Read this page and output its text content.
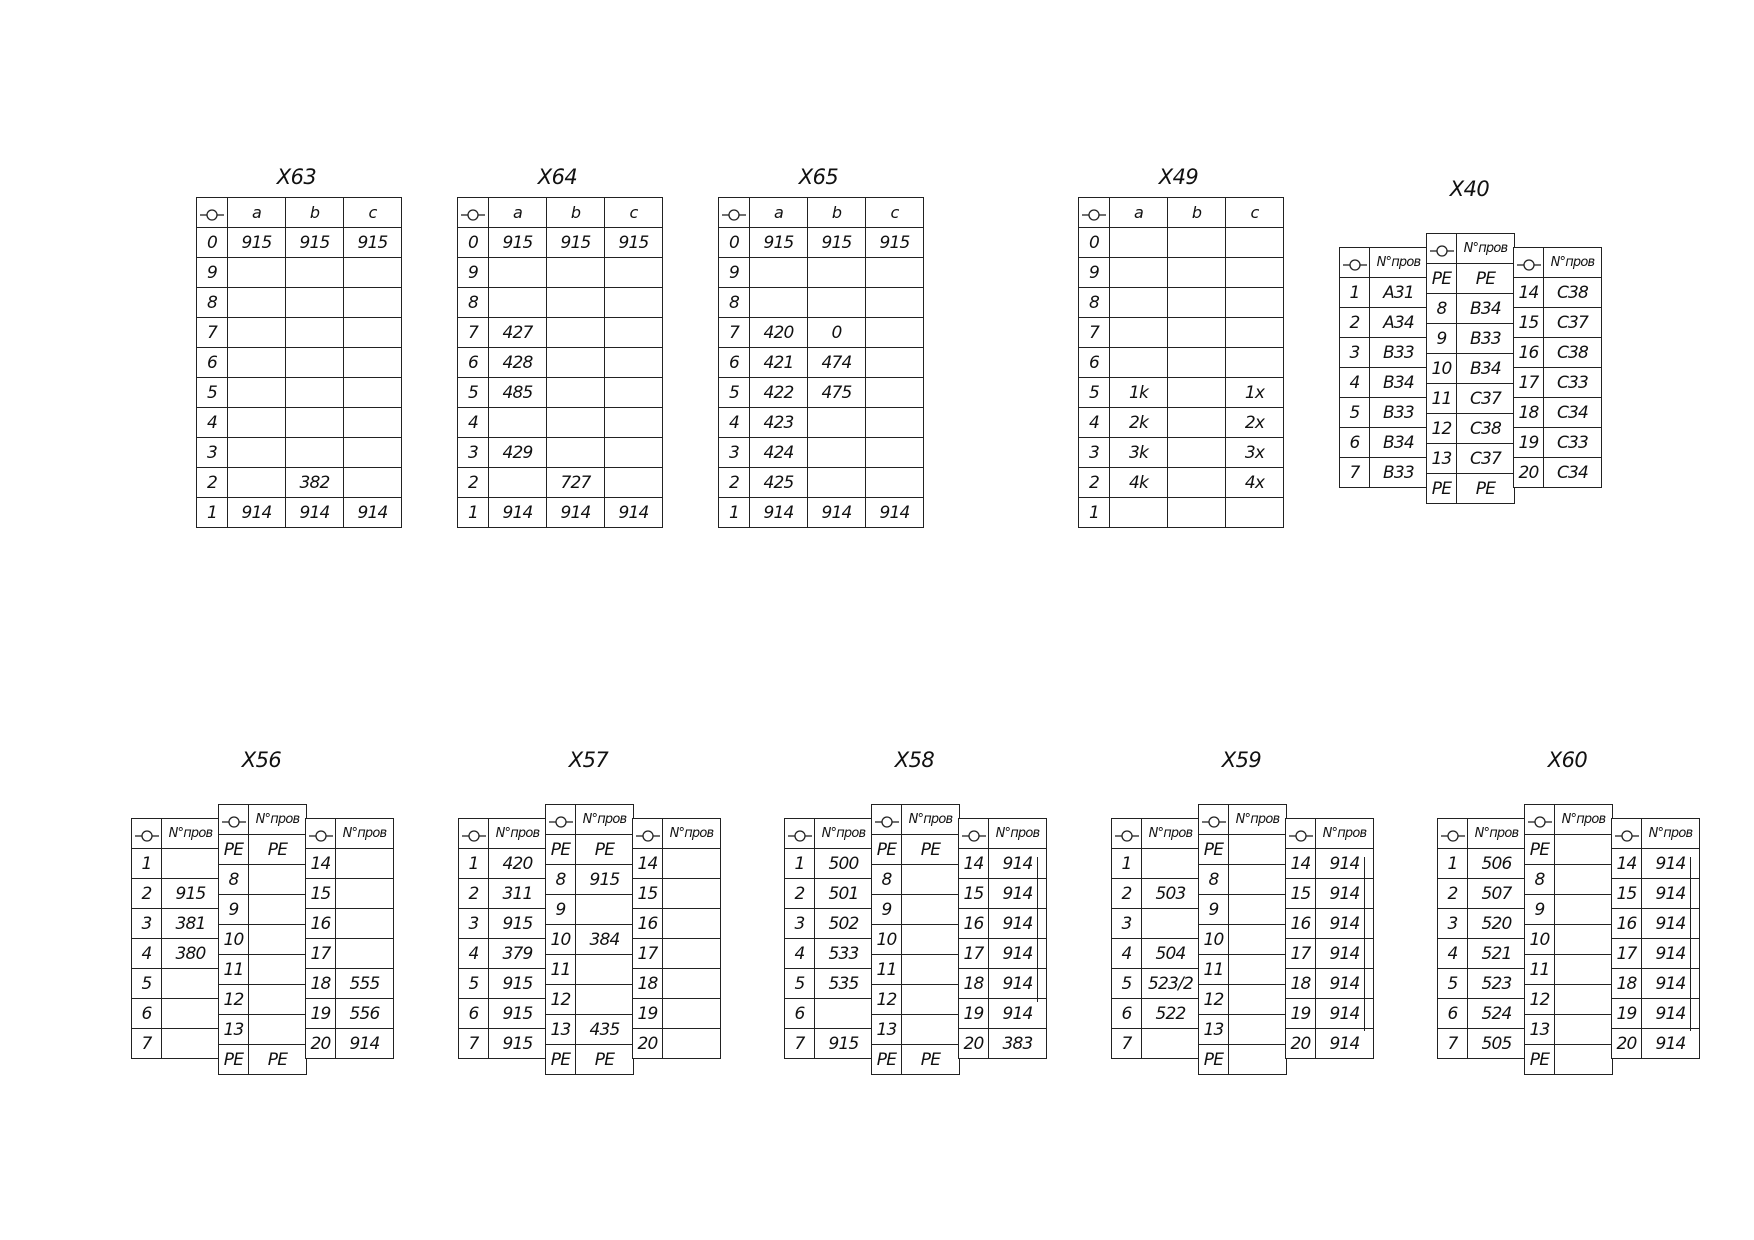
X63
	a	b	c
0	915	915	915
9			
8			
7			
6			
5			
4			
3			
2		382	
1	914	914	914
X64
	a	b	c
0	915	915	915
9			
8			
7	427		
6	428		
5	485		
4			
3	429		
2		727	
1	914	914	914
X65
	a	b	c
0	915	915	915
9			
8			
7	420	0	
6	421	474	
5	422	475	
4	423		
3	424		
2	425		
1	914	914	914
X49
	a	b	c
0			
9			
8			
7			
6			
5	1k		1x
4	2k		2x
3	3k		3x
2	4k		4x
1			
X40
	N°пров
1	A31
2	A34
3	B33
4	B34
5	B33
6	B34
7	B33
	N°пров
PE	PE
8	B34
9	B33
10	B34
11	C37
12	C38
13	C37
PE	PE
	N°пров
14	C38
15	C37
16	C38
17	C33
18	C34
19	C33
20	C34
X56
	N°пров
1	
2	915
3	381
4	380
5	
6	
7	
	N°пров
PE	PE
8	
9	
10	
11	
12	
13	
PE	PE
	N°пров
14	
15	
16	
17	
18	555
19	556
20	914
X57
	N°пров
1	420
2	311
3	915
4	379
5	915
6	915
7	915
	N°пров
PE	PE
8	915
9	
10	384
11	
12	
13	435
PE	PE
	N°пров
14	
15	
16	
17	
18	
19	
20	
X58
	N°пров
1	500
2	501
3	502
4	533
5	535
6	
7	915
	N°пров
PE	PE
8	
9	
10	
11	
12	
13	
PE	PE
	N°пров
14	914
15	914
16	914
17	914
18	914
19	914
20	383
X59
	N°пров
1	
2	503
3	
4	504
5	523/2
6	522
7	
	N°пров
PE	
8	
9	
10	
11	
12	
13	
PE	
	N°пров
14	914
15	914
16	914
17	914
18	914
19	914
20	914
X60
	N°пров
1	506
2	507
3	520
4	521
5	523
6	524
7	505
	N°пров
PE	
8	
9	
10	
11	
12	
13	
PE	
	N°пров
14	914
15	914
16	914
17	914
18	914
19	914
20	914
